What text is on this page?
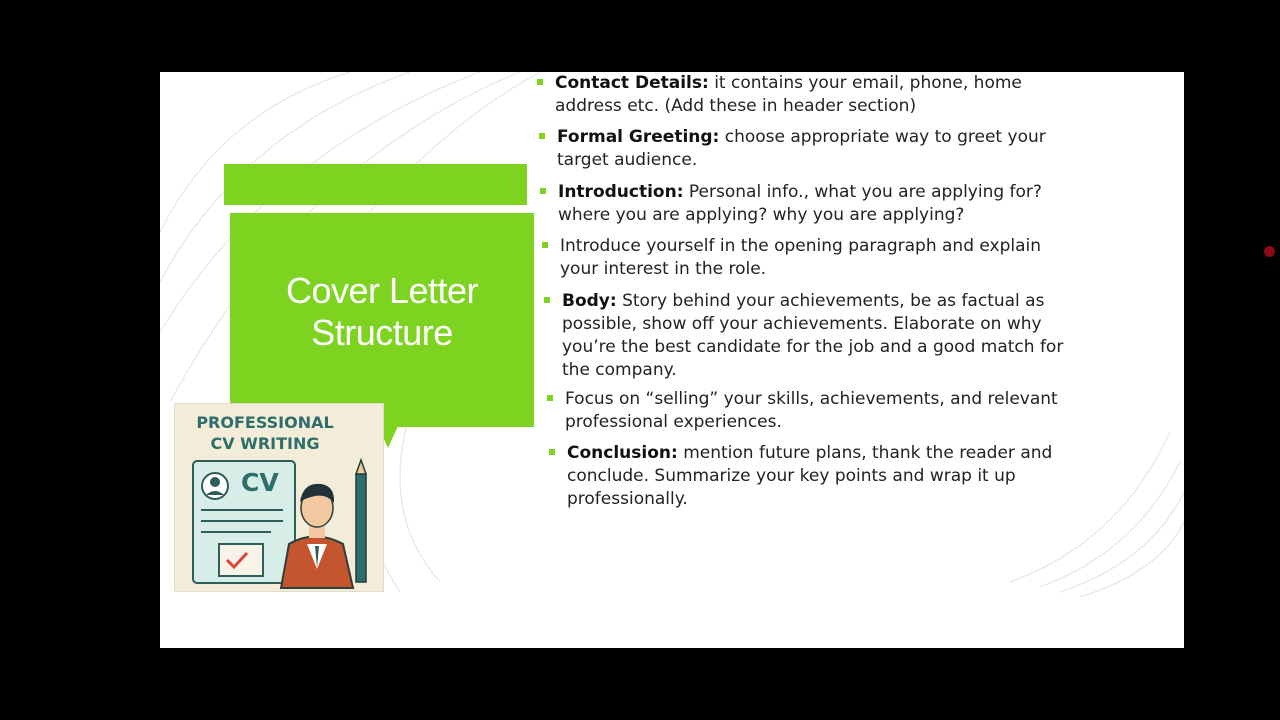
Cover Letter
Structure
PROFESSIONAL
CV WRITING
CV
Contact Details: it contains your email, phone, home address etc. (Add these in header section)
Formal Greeting: choose appropriate way to greet your target audience.
Introduction: Personal info., what you are applying for? where you are applying? why you are applying?
Introduce yourself in the opening paragraph and explain your interest in the role.
Body: Story behind your achievements, be as factual as possible, show off your achievements. Elaborate on why you’re the best candidate for the job and a good match for the company.
Focus on “selling” your skills, achievements, and relevant professional experiences.
Conclusion: mention future plans, thank the reader and conclude. Summarize your key points and wrap it up professionally.
